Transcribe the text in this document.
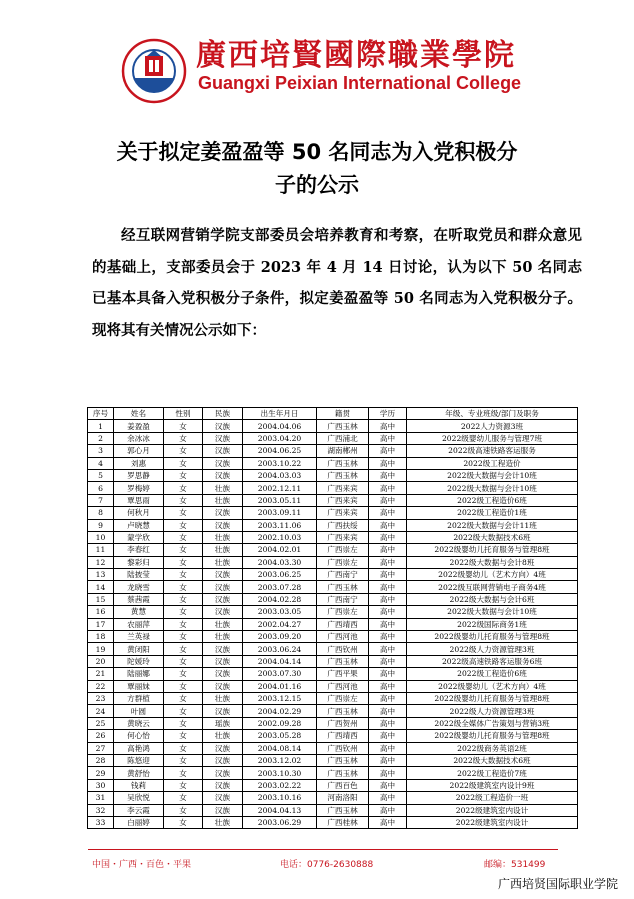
廣西培賢國際職業學院
Guangxi Peixian International College
关于拟定姜盈盈等 50 名同志为入党积极分
子的公示
经互联网营销学院支部委员会培养教育和考察，在听取党员和群众意见的基础上，支部委员会于 2023 年 4 月 14 日讨论，认为以下 50 名同志已基本具备入党积极分子条件，拟定姜盈盈等 50 名同志为入党积极分子。现将其有关情况公示如下：
序号	姓名	性别	民族	出生年月日	籍贯	学历	年级、专业班级/部门及职务
1	姜盈盈	女	汉族	2004.04.06	广西玉林	高中	2022人力资源3班
2	余冰冰	女	汉族	2003.04.20	广西浦北	高中	2022级婴幼儿服务与管理7班
3	郭心月	女	汉族	2004.06.25	湖南郴州	高中	2022级高速铁路客运服务
4	刘惠	女	汉族	2003.10.22	广西玉林	高中	2022级工程造价
5	罗思静	女	汉族	2004.03.03	广西玉林	高中	2022级大数据与会计10班
6	罗梅婷	女	壮族	2002.12.11	广西来宾	高中	2022级大数据与会计10班
7	覃思雨	女	壮族	2003.05.11	广西来宾	高中	2022级工程造价6班
8	何秋月	女	汉族	2003.09.11	广西来宾	高中	2022级工程造价1班
9	卢晓慧	女	汉族	2003.11.06	广西扶绥	高中	2022级大数据与会计11班
10	蒙学欣	女	壮族	2002.10.03	广西来宾	高中	2022级大数据技术6班
11	李春红	女	壮族	2004.02.01	广西崇左	高中	2022级婴幼儿托育服务与管理8班
12	黎彩归	女	壮族	2004.03.30	广西崇左	高中	2022级大数据与会计8班
13	陆披莹	女	汉族	2003.06.25	广西南宁	高中	2022级婴幼儿（艺术方向）4班
14	龙晓雪	女	汉族	2003.07.28	广西玉林	高中	2022级互联网营销电子商务4班
15	蔡茜霞	女	汉族	2004.02.28	广西南宁	高中	2022级大数据与会计6班
16	黄慧	女	汉族	2003.03.05	广西崇左	高中	2022级大数据与会计10班
17	农丽萍	女	壮族	2002.04.27	广西靖西	高中	2022级国际商务1班
18	兰英禄	女	壮族	2003.09.20	广西河池	高中	2022级婴幼儿托育服务与管理8班
19	黄闭阳	女	汉族	2003.06.24	广西钦州	高中	2022级人力资源管理3班
20	陀媛玲	女	汉族	2004.04.14	广西玉林	高中	2022级高速铁路客运服务6班
21	陆丽娜	女	汉族	2003.07.30	广西平果	高中	2022级工程造价6班
22	覃丽妹	女	汉族	2004.01.16	广西河池	高中	2022级婴幼儿（艺术方向）4班
23	方群植	女	壮族	2003.12.15	广西崇左	高中	2022级婴幼儿托育服务与管理8班
24	叶圆	女	汉族	2004.02.29	广西玉林	高中	2022级人力资源管理3班
25	黄晓云	女	瑶族	2002.09.28	广西贺州	高中	2022级全媒体广告策划与营销3班
26	何心怡	女	壮族	2003.05.28	广西靖西	高中	2022级婴幼儿托育服务与管理8班
27	高艳鸿	女	汉族	2004.08.14	广西钦州	高中	2022级商务英语2班
28	陈悠迎	女	汉族	2003.12.02	广西玉林	高中	2022级大数据技术6班
29	黄舒怡	女	汉族	2003.10.30	广西玉林	高中	2022级工程造价7班
30	钱莉	女	汉族	2003.02.22	广西百色	高中	2022级建筑室内设计9班
31	吴欣悦	女	汉族	2003.10.16	河南洛阳	高中	2022级工程造价一班
32	李云霞	女	汉族	2004.04.13	广西玉林	高中	2022级建筑室内设计
33	白丽婷	女	壮族	2003.06.29	广西桂林	高中	2022级建筑室内设计
中国・广西・百色・平果	电话：0776-2630888	邮编：531499
广西培贤国际职业学院
